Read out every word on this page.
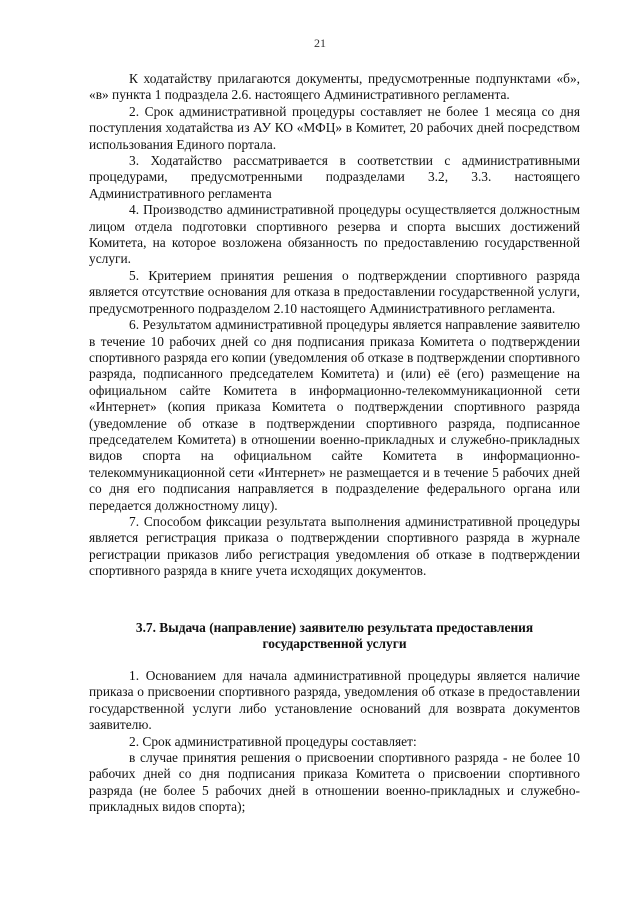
21

К ходатайству прилагаются документы, предусмотренные подпунктами «б», «в» пункта 1 подраздела 2.6. настоящего Административного регламента.

2. Срок административной процедуры составляет не более 1 месяца со дня поступления ходатайства из АУ КО «МФЦ» в Комитет, 20 рабочих дней посредством использования Единого портала.

3. Ходатайство рассматривается в соответствии с административными процедурами, предусмотренными подразделами 3.2, 3.3. настоящего Административного регламента

4. Производство административной процедуры осуществляется должностным лицом отдела подготовки спортивного резерва и спорта высших достижений Комитета, на которое возложена обязанность по предоставлению государственной услуги.

5. Критерием принятия решения о подтверждении спортивного разряда является отсутствие основания для отказа в предоставлении государственной услуги, предусмотренного подразделом 2.10 настоящего Административного регламента.

6. Результатом административной процедуры является направление заявителю в течение 10 рабочих дней со дня подписания приказа Комитета о подтверждении спортивного разряда его копии (уведомления об отказе в подтверждении спортивного разряда, подписанного председателем Комитета) и (или) её (его) размещение на официальном сайте Комитета в информационно-телекоммуникационной сети «Интернет» (копия приказа Комитета о подтверждении спортивного разряда (уведомление об отказе в подтверждении спортивного разряда, подписанное председателем Комитета) в отношении военно-прикладных и служебно-прикладных видов спорта на официальном сайте Комитета в информационно-телекоммуникационной сети «Интернет» не размещается и в течение 5 рабочих дней со дня его подписания направляется в подразделение федерального органа или передается должностному лицу).

7. Способом фиксации результата выполнения административной процедуры является регистрация приказа о подтверждении спортивного разряда в журнале регистрации приказов либо регистрация уведомления об отказе в подтверждении спортивного разряда в книге учета исходящих документов.

3.7. Выдача (направление) заявителю результата предоставления
государственной услуги

1. Основанием для начала административной процедуры является наличие приказа о присвоении спортивного разряда, уведомления об отказе в предоставлении государственной услуги либо установление оснований для возврата документов заявителю.

2. Срок административной процедуры составляет:

в случае принятия решения о присвоении спортивного разряда - не более 10 рабочих дней со дня подписания приказа Комитета о присвоении спортивного разряда (не более 5 рабочих дней в отношении военно-прикладных и служебно-прикладных видов спорта);
